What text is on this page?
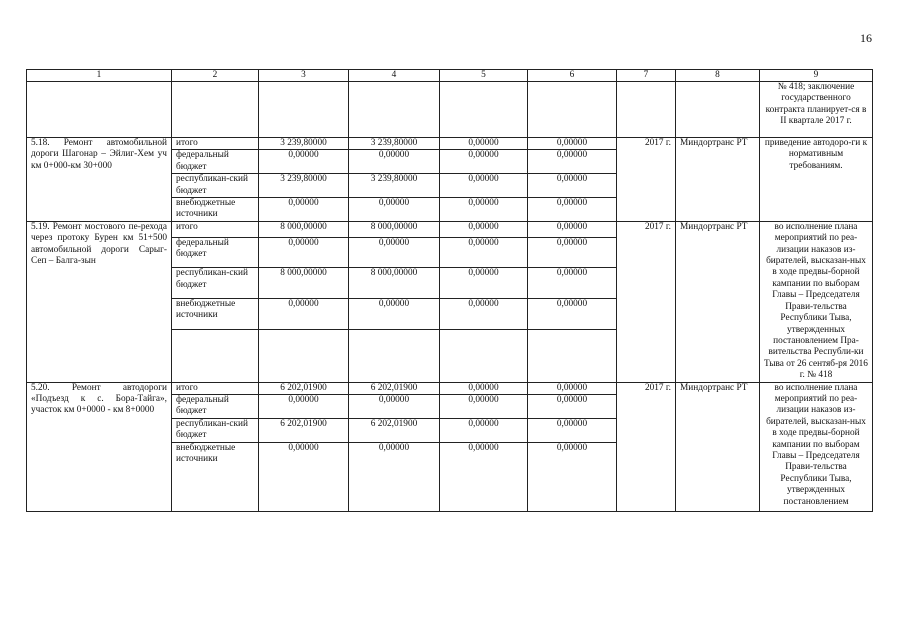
16
1	2	3	4	5	6	7	8	9
								№ 418; заключение государственного контракта планирует-ся в II квартале 2017 г.
5.18. Ремонт автомобильной дороги Шагонар – Эйлиг-Хем уч км 0+000-км 30+000	итого	3 239,80000	3 239,80000	0,00000	0,00000	2017 г.	Миндортранс РТ	приведение автодоро-ги к нормативным требованиям.
	федеральный бюджет	0,00000	0,00000	0,00000	0,00000			
	республикан-ский бюджет	3 239,80000	3 239,80000	0,00000	0,00000			
	внебюджетные источники	0,00000	0,00000	0,00000	0,00000			
5.19. Ремонт мостового пе-рехода через протоку Бурен км 51+500 автомобильной дороги Сарыг-Сеп – Балга-зын	итого	8 000,00000	8 000,00000	0,00000	0,00000	2017 г.	Миндортранс РТ	во исполнение плана мероприятий по реа-лизации наказов из-бирателей, высказан-ных в ходе предвы-борной кампании по выборам Главы – Председателя Прави-тельства Республики Тыва, утвержденных постановлением Пра-вительства Республи-ки Тыва от 26 сентяб-ря 2016 г. № 418
	федеральный бюджет	0,00000	0,00000	0,00000	0,00000			
	республикан-ский бюджет	8 000,00000	8 000,00000	0,00000	0,00000			
	внебюджетные источники	0,00000	0,00000	0,00000	0,00000			

5.20. Ремонт автодороги «Подъезд к с. Бора-Тайга», участок км 0+0000 - км 8+0000	итого	6 202,01900	6 202,01900	0,00000	0,00000	2017 г.	Миндортранс РТ	во исполнение плана мероприятий по реа-лизации наказов из-бирателей, высказан-ных в ходе предвы-борной кампании по выборам Главы – Председателя Прави-тельства Республики Тыва, утвержденных постановлением
	федеральный бюджет	0,00000	0,00000	0,00000	0,00000			
	республикан-ский бюджет	6 202,01900	6 202,01900	0,00000	0,00000			
	внебюджетные источники	0,00000	0,00000	0,00000	0,00000			
